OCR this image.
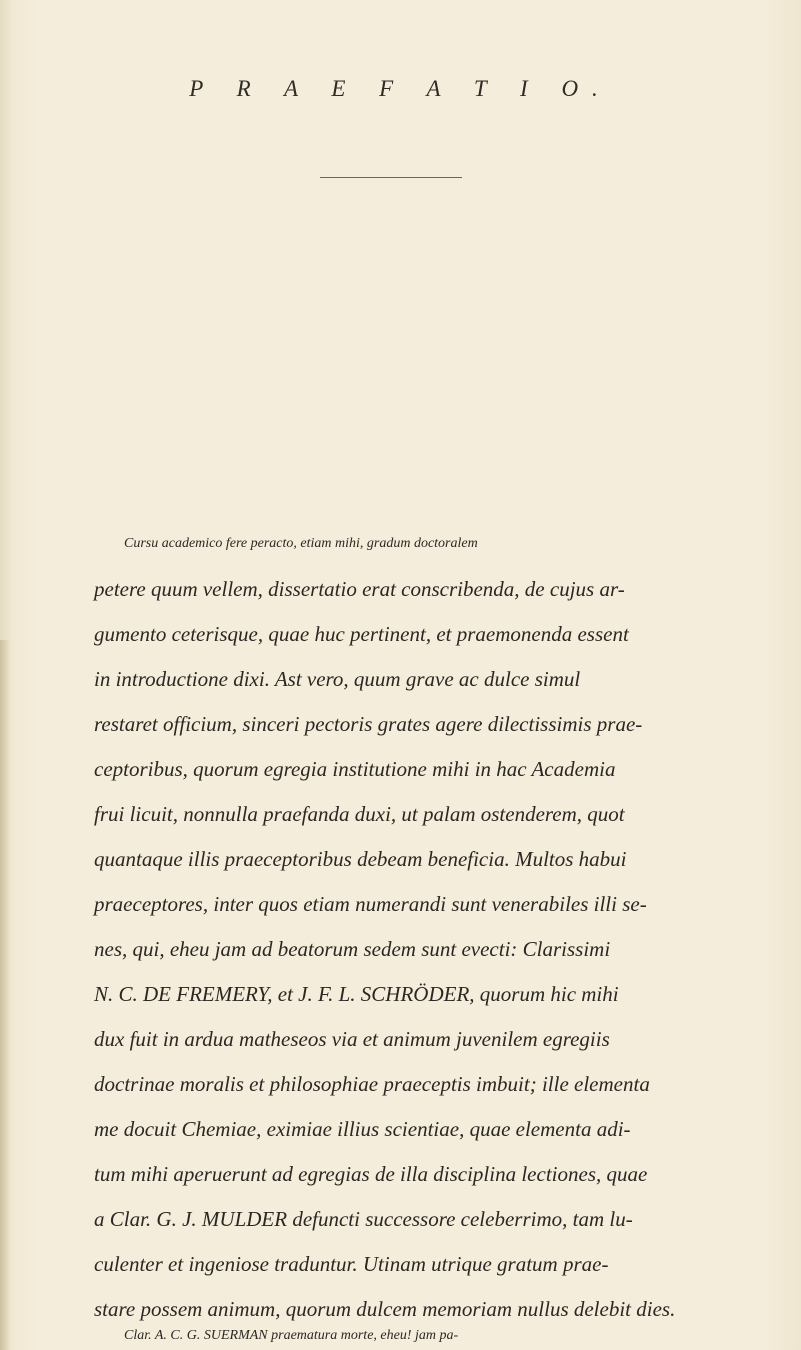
P R A E F A T I O.
Cursu academico fere peracto, etiam mihi, gradum doctoralem
petere quum vellem, dissertatio erat conscribenda, de cujus ar-
gumento ceterisque, quae huc pertinent, et praemonenda essent
in introductione dixi. Ast vero, quum grave ac dulce simul
restaret officium, sinceri pectoris grates agere dilectissimis prae-
ceptoribus, quorum egregia institutione mihi in hac Academia
frui licuit, nonnulla praefanda duxi, ut palam ostenderem, quot
quantaque illis praeceptoribus debeam beneficia. Multos habui
praeceptores, inter quos etiam numerandi sunt venerabiles illi se-
nes, qui, eheu jam ad beatorum sedem sunt evecti: Clarissimi
N. C. DE FREMERY, et J. F. L. SCHRÖDER, quorum hic mihi
dux fuit in ardua matheseos via et animum juvenilem egregiis
doctrinae moralis et philosophiae praeceptis imbuit; ille elementa
me docuit Chemiae, eximiae illius scientiae, quae elementa adi-
tum mihi aperuerunt ad egregias de illa disciplina lectiones, quae
a Clar. G. J. MULDER defuncti successore celeberrimo, tam lu-
culenter et ingeniose traduntur. Utinam utrique gratum prae-
stare possem animum, quorum dulcem memoriam nullus delebit dies.
Clar. A. C. G. SUERMAN praematura morte, eheu! jam pa-
